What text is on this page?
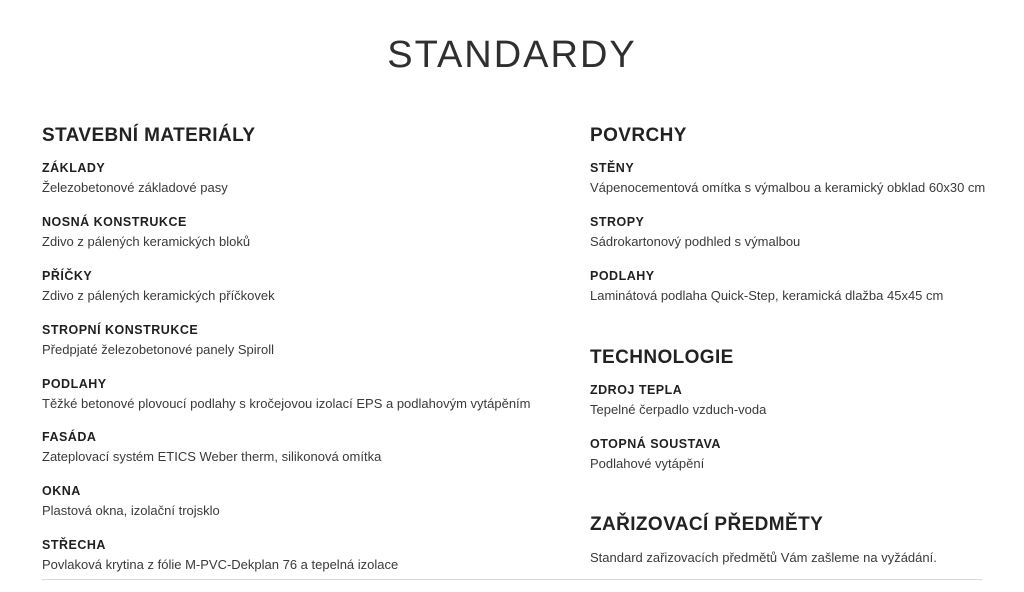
STANDARDY
STAVEBNÍ MATERIÁLY
ZÁKLADY
Železobetonové základové pasy
NOSNÁ KONSTRUKCE
Zdivo z pálených keramických bloků
PŘÍČKY
Zdivo z pálených keramických příčkovek
STROPNÍ KONSTRUKCE
Předpjaté železobetonové panely Spiroll
PODLAHY
Těžké betonové plovoucí podlahy s kročejovou izolací EPS a podlahovým vytápěním
FASÁDA
Zateplovací systém ETICS Weber therm, silikonová omítka
OKNA
Plastová okna, izolační trojsklo
STŘECHA
Povlaková krytina z fólie M-PVC-Dekplan 76 a tepelná izolace
POVRCHY
STĚNY
Vápenocementová omítka s výmalbou a keramický obklad 60x30 cm
STROPY
Sádrokartonový podhled s výmalbou
PODLAHY
Laminátová podlaha Quick-Step, keramická dlažba 45x45 cm
TECHNOLOGIE
ZDROJ TEPLA
Tepelné čerpadlo vzduch-voda
OTOPNÁ SOUSTAVA
Podlahové vytápění
ZAŘIZOVACÍ PŘEDMĚTY
Standard zařizovacích předmětů Vám zašleme na vyžádání.
